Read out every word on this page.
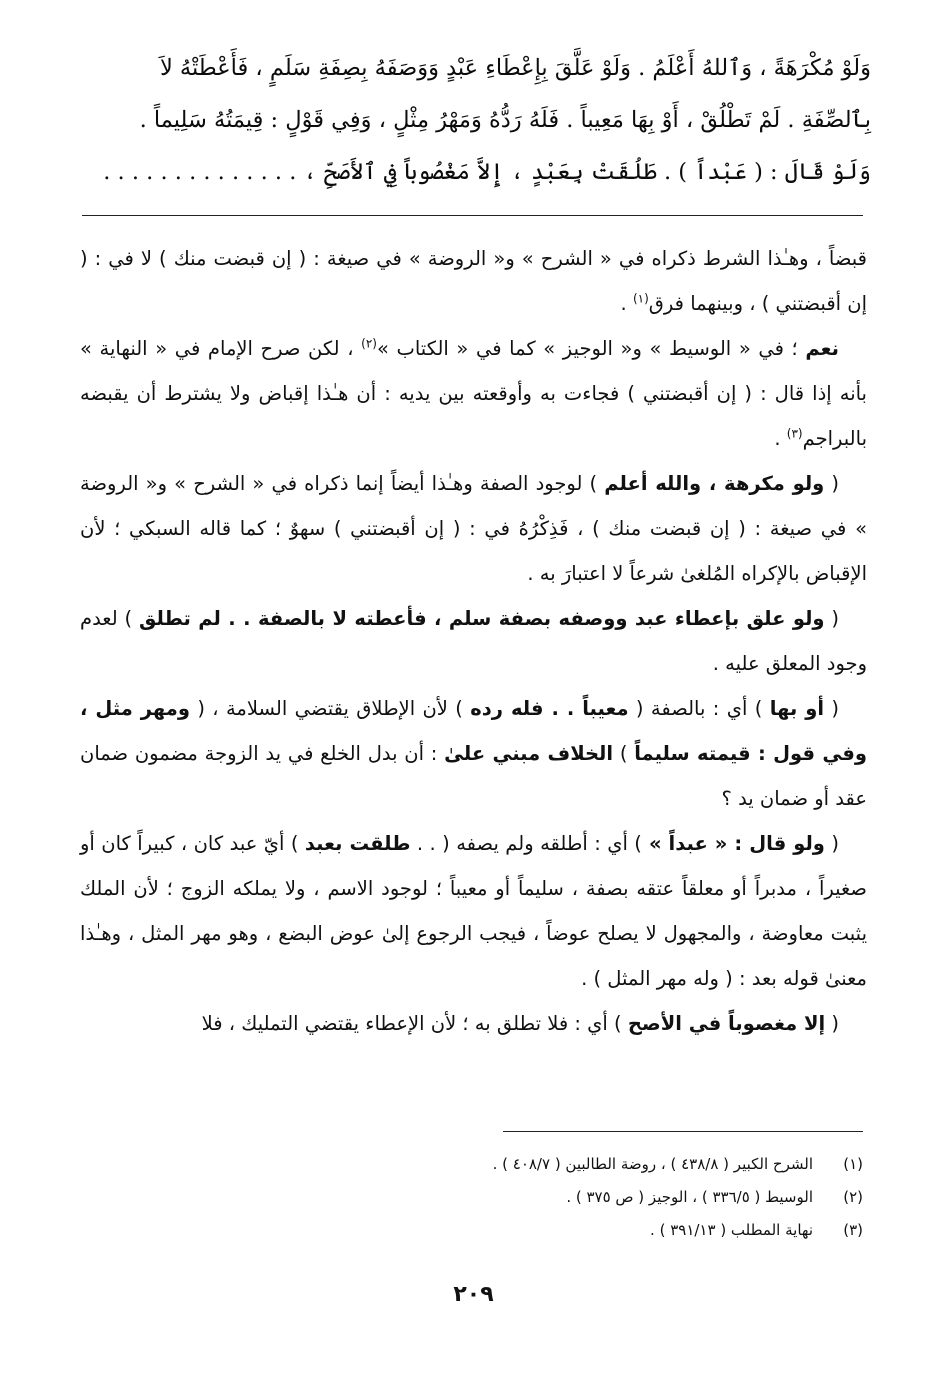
وَلَوْ مُكْرَهَةً ، وَٱللهُ أَعْلَمُ . وَلَوْ عَلَّقَ بِإِعْطَاءِ عَبْدٍ وَوَصَفَهُ بِصِفَةِ سَلَمٍ ، فَأَعْطَتْهُ لاَ

بِٱلصِّفَةِ . لَمْ تَطْلُقْ ، أَوْ بِهَا مَعِيباً . فَلَهُ رَدُّهُ وَمَهْرُ مِثْلٍ ، وَفِي قَوْلٍ : قِيمَتُهُ سَلِيماً .

وَلَوْ قَالَ : ( عَبْداً ) . طَلُقَتْ بِعَبْدٍ ، إِلاَّ مَغْصُوباً فِي ٱلأَصَحِّ ، . . . . . . . . . . . . . .

قبضاً ، وهـٰذا الشرط ذكراه في « الشرح » و« الروضة » في صيغة : ( إن قبضت منك ) لا في : ( إن أقبضتني ) ، وبينهما فرق$^{(١)}$ .

نعم ؛ في « الوسيط » و« الوجيز » كما في « الكتاب »$^{(٢)}$ ، لكن صرح الإمام في « النهاية » بأنه إذا قال : ( إن أقبضتني ) فجاءت به وأوقعته بين يديه : أن هـٰذا إقباض ولا يشترط أن يقبضه بالبراجم$^{(٣)}$ .

( ولو مكرهة ، والله أعلم ) لوجود الصفة وهـٰذا أيضاً إنما ذكراه في « الشرح » و« الروضة » في صيغة : ( إن قبضت منك ) ، فَذِكْرُهُ في : ( إن أقبضتني ) سهوٌ ؛ كما قاله السبكي ؛ لأن الإقباض بالإكراه المُلغىٰ شرعاً لا اعتبارَ به .

( ولو علق بإعطاء عبد ووصفه بصفة سلم ، فأعطته لا بالصفة . . لم تطلق ) لعدم وجود المعلق عليه .

( أو بها ) أي : بالصفة ( معيباً . . فله رده ) لأن الإطلاق يقتضي السلامة ، ( ومهر مثل ، وفي قول : قيمته سليماً ) الخلاف مبني علىٰ : أن بدل الخلع في يد الزوجة مضمون ضمان عقد أو ضمان يد ؟

( ولو قال : « عبداً » ) أي : أطلقه ولم يصفه ( . . طلقت بعبد ) أيّ عبد كان ، كبيراً كان أو صغيراً ، مدبراً أو معلقاً عتقه بصفة ، سليماً أو معيباً ؛ لوجود الاسم ، ولا يملكه الزوج ؛ لأن الملك يثبت معاوضة ، والمجهول لا يصلح عوضاً ، فيجب الرجوع إلىٰ عوض البضع ، وهو مهر المثل ، وهـٰذا معنىٰ قوله بعد : ( وله مهر المثل ) .

( إلا مغصوباً في الأصح ) أي : فلا تطلق به ؛ لأن الإعطاء يقتضي التمليك ، فلا

(١)
الشرح الكبير ( ٤٣٨/٨ ) ، روضة الطالبين ( ٤٠٨/٧ ) .
(٢)
الوسيط ( ٣٣٦/٥ ) ، الوجيز ( ص ٣٧٥ ) .
(٣)
نهاية المطلب ( ٣٩١/١٣ ) .
٢٠٩
